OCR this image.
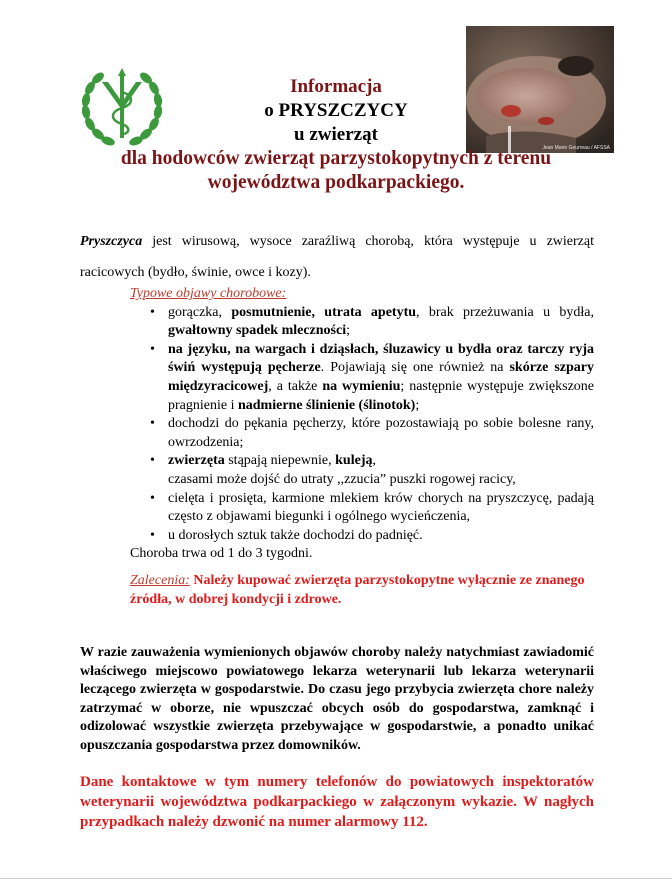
Jean Marie Gourreau / AFSSA
Informacja
o PRYSZCZYCY
u zwierząt
dla hodowców zwierząt parzystokopytnych z terenu
województwa podkarpackiego.
Pryszczyca jest wirusową, wysoce zaraźliwą chorobą, która występuje u zwierząt racicowych (bydło, świnie, owce i kozy).
Typowe objawy chorobowe:
• gorączka, posmutnienie, utrata apetytu, brak przeżuwania u bydła, gwałtowny spadek mleczności;
• na języku, na wargach i dziąsłach, śluzawicy u bydła oraz tarczy ryja świń występują pęcherze. Pojawiają się one również na skórze szpary międzyracicowej, a także na wymieniu; następnie występuje zwiększone pragnienie i nadmierne ślinienie (ślinotok);
• dochodzi do pękania pęcherzy, które pozostawiają po sobie bolesne rany, owrzodzenia;
• zwierzęta stąpają niepewnie, kuleją,
czasami może dojść do utraty ,,zzucia” puszki rogowej racicy,
• cielęta i prosięta, karmione mlekiem krów chorych na pryszczycę, padają często z objawami biegunki i ogólnego wycieńczenia,
• u dorosłych sztuk także dochodzi do padnięć.
Choroba trwa od 1 do 3 tygodni.
Zalecenia: Należy kupować zwierzęta parzystokopytne wyłącznie ze znanego źródła, w dobrej kondycji i zdrowe.
W razie zauważenia wymienionych objawów choroby należy natychmiast zawiadomić właściwego miejscowo powiatowego lekarza weterynarii lub lekarza weterynarii leczącego zwierzęta w gospodarstwie. Do czasu jego przybycia zwierzęta chore należy zatrzymać w oborze, nie wpuszczać obcych osób do gospodarstwa, zamknąć i odizolować wszystkie zwierzęta przebywające w gospodarstwie, a ponadto unikać opuszczania gospodarstwa przez domowników.
Dane kontaktowe w tym numery telefonów do powiatowych inspektoratów weterynarii województwa podkarpackiego w załączonym wykazie. W nagłych przypadkach należy dzwonić na numer alarmowy 112.
